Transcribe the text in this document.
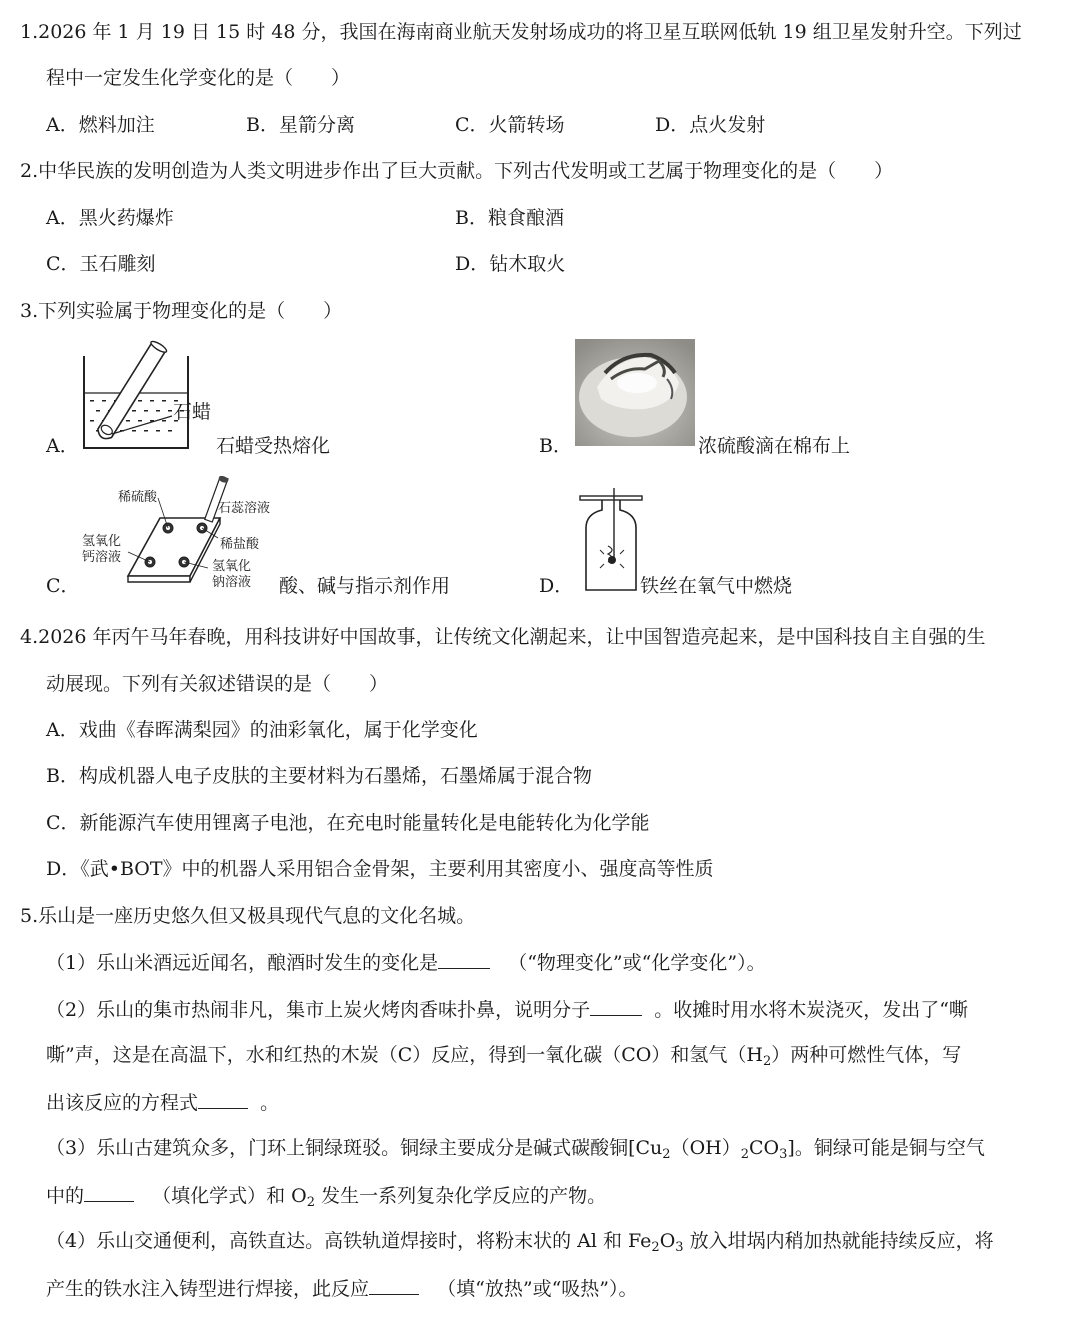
1.2026 年 1 月 19 日 15 时 48 分，我国在海南商业航天发射场成功的将卫星互联网低轨 19 组卫星发射升空。下列过
程中一定发生化学变化的是（　　）
A．燃料加注	B．星箭分离	C．火箭转场	D．点火发射
2.中华民族的发明创造为人类文明进步作出了巨大贡献。下列古代发明或工艺属于物理变化的是（　　）
A．黑火药爆炸	B．粮食酿酒
C．玉石雕刻	D．钻木取火
3.下列实验属于物理变化的是（　　）
A．
石蜡
石蜡受热熔化	B．	浓硫酸滴在棉布上
C．
稀硫酸
石蕊溶液
氢氧化
钙溶液
稀盐酸
氢氧化
钠溶液 酸、碱与指示剂作用	D．	铁丝在氧气中燃烧
4.2026 年丙午马年春晚，用科技讲好中国故事，让传统文化潮起来，让中国智造亮起来，是中国科技自主自强的生
动展现。下列有关叙述错误的是（　　）
A．戏曲《春晖满梨园》的油彩氧化，属于化学变化
B．构成机器人电子皮肤的主要材料为石墨烯，石墨烯属于混合物
C．新能源汽车使用锂离子电池，在充电时能量转化是电能转化为化学能
D．《武•BOT》中的机器人采用铝合金骨架，主要利用其密度小、强度高等性质
5.乐山是一座历史悠久但又极具现代气息的文化名城。
（1）乐山米酒远近闻名，酿酒时发生的变化是	（“物理变化”或“化学变化”）。
（2）乐山的集市热闹非凡，集市上炭火烤肉香味扑鼻，说明分子	。收摊时用水将木炭浇灭，发出了“嘶
嘶”声，这是在高温下，水和红热的木炭（C）反应，得到一氧化碳（CO）和氢气$(H_2)$两种可燃性气体，写
出该反应的方程式	。
（3）乐山古建筑众多，门环上铜绿斑驳。铜绿主要成分是碱式碳酸铜$[Cu_2(OH)_2CO_3]$。铜绿可能是铜与空气
中的	（填化学式）和 $O_2$ 发生一系列复杂化学反应的产物。
（4）乐山交通便利，高铁直达。高铁轨道焊接时，将粉末状的 Al 和 $Fe_2O_3$ 放入坩埚内稍加热就能持续反应，将
产生的铁水注入铸型进行焊接，此反应	（填“放热”或“吸热”）。
